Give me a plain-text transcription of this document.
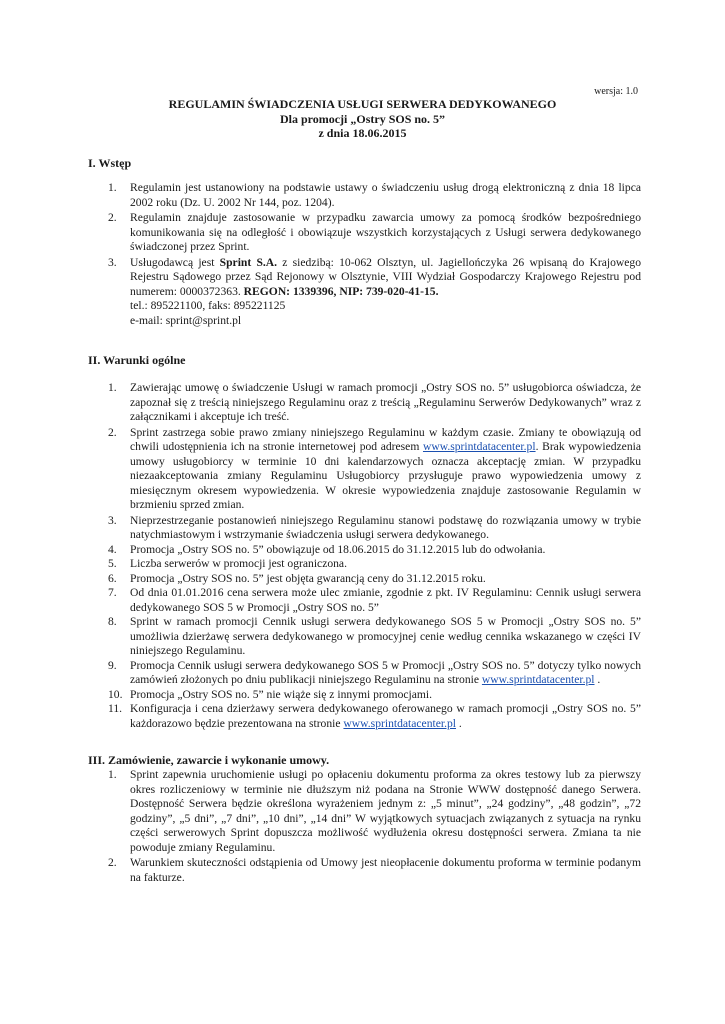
wersja: 1.0
REGULAMIN ŚWIADCZENIA USŁUGI SERWERA DEDYKOWANEGO
Dla promocji „Ostry SOS no. 5”
z dnia 18.06.2015
I. Wstęp
1. Regulamin jest ustanowiony na podstawie ustawy o świadczeniu usług drogą elektroniczną z dnia 18 lipca 2002 roku (Dz. U. 2002 Nr 144, poz. 1204).
2. Regulamin znajduje zastosowanie w przypadku zawarcia umowy za pomocą środków bezpośredniego komunikowania się na odległość i obowiązuje wszystkich korzystających z Usługi serwera dedykowanego świadczonej przez Sprint.
3. Usługodawcą jest Sprint S.A. z siedzibą: 10-062 Olsztyn, ul. Jagiellończyka 26 wpisaną do Krajowego Rejestru Sądowego przez Sąd Rejonowy w Olsztynie, VIII Wydział Gospodarczy Krajowego Rejestru pod numerem: 0000372363. REGON: 1339396, NIP: 739-020-41-15.
tel.: 895221100, faks: 895221125
e-mail: sprint@sprint.pl
II. Warunki ogólne
1. Zawierając umowę o świadczenie Usługi w ramach promocji „Ostry SOS no. 5” usługobiorca oświadcza, że zapoznał się z treścią niniejszego Regulaminu oraz z treścią „Regulaminu Serwerów Dedykowanych” wraz z załącznikami i akceptuje ich treść.
2. Sprint zastrzega sobie prawo zmiany niniejszego Regulaminu w każdym czasie. Zmiany te obowiązują od chwili udostępnienia ich na stronie internetowej pod adresem www.sprintdatacenter.pl. Brak wypowiedzenia umowy usługobiorcy w terminie 10 dni kalendarzowych oznacza akceptację zmian. W przypadku niezaakceptowania zmiany Regulaminu Usługobiorcy przysługuje prawo wypowiedzenia umowy z miesięcznym okresem wypowiedzenia. W okresie wypowiedzenia znajduje zastosowanie Regulamin w brzmieniu sprzed zmian.
3. Nieprzestrzeganie postanowień niniejszego Regulaminu stanowi podstawę do rozwiązania umowy w trybie natychmiastowym i wstrzymanie świadczenia usługi serwera dedykowanego.
4. Promocja „Ostry SOS no. 5” obowiązuje od 18.06.2015 do 31.12.2015 lub do odwołania.
5. Liczba serwerów w promocji jest ograniczona.
6. Promocja „Ostry SOS no. 5” jest objęta gwarancją ceny do 31.12.2015 roku.
7. Od dnia 01.01.2016 cena serwera może ulec zmianie, zgodnie z pkt. IV Regulaminu: Cennik usługi serwera dedykowanego SOS 5 w Promocji „Ostry SOS no. 5”
8. Sprint w ramach promocji Cennik usługi serwera dedykowanego SOS 5 w Promocji „Ostry SOS no. 5” umożliwia dzierżawę serwera dedykowanego w promocyjnej cenie według cennika wskazanego w części IV niniejszego Regulaminu.
9. Promocja Cennik usługi serwera dedykowanego SOS 5 w Promocji „Ostry SOS no. 5” dotyczy tylko nowych zamówień złożonych po dniu publikacji niniejszego Regulaminu na stronie www.sprintdatacenter.pl .
10. Promocja „Ostry SOS no. 5” nie wiąże się z innymi promocjami.
11. Konfiguracja i cena dzierżawy serwera dedykowanego oferowanego w ramach promocji „Ostry SOS no. 5” każdorazowo będzie prezentowana na stronie www.sprintdatacenter.pl .
III. Zamówienie, zawarcie i wykonanie umowy.
1. Sprint zapewnia uruchomienie usługi po opłaceniu dokumentu proforma za okres testowy lub za pierwszy okres rozliczeniowy w terminie nie dłuższym niż podana na Stronie WWW dostępność danego Serwera. Dostępność Serwera będzie określona wyrażeniem jednym z: „5 minut”, „24 godziny”, „48 godzin”, „72 godziny”, „5 dni”, „7 dni”, „10 dni”, „14 dni” W wyjątkowych sytuacjach związanych z sytuacja na rynku części serwerowych Sprint dopuszcza możliwość wydłużenia okresu dostępności serwera. Zmiana ta nie powoduje zmiany Regulaminu.
2. Warunkiem skuteczności odstąpienia od Umowy jest nieopłacenie dokumentu proforma w terminie podanym na fakturze.
